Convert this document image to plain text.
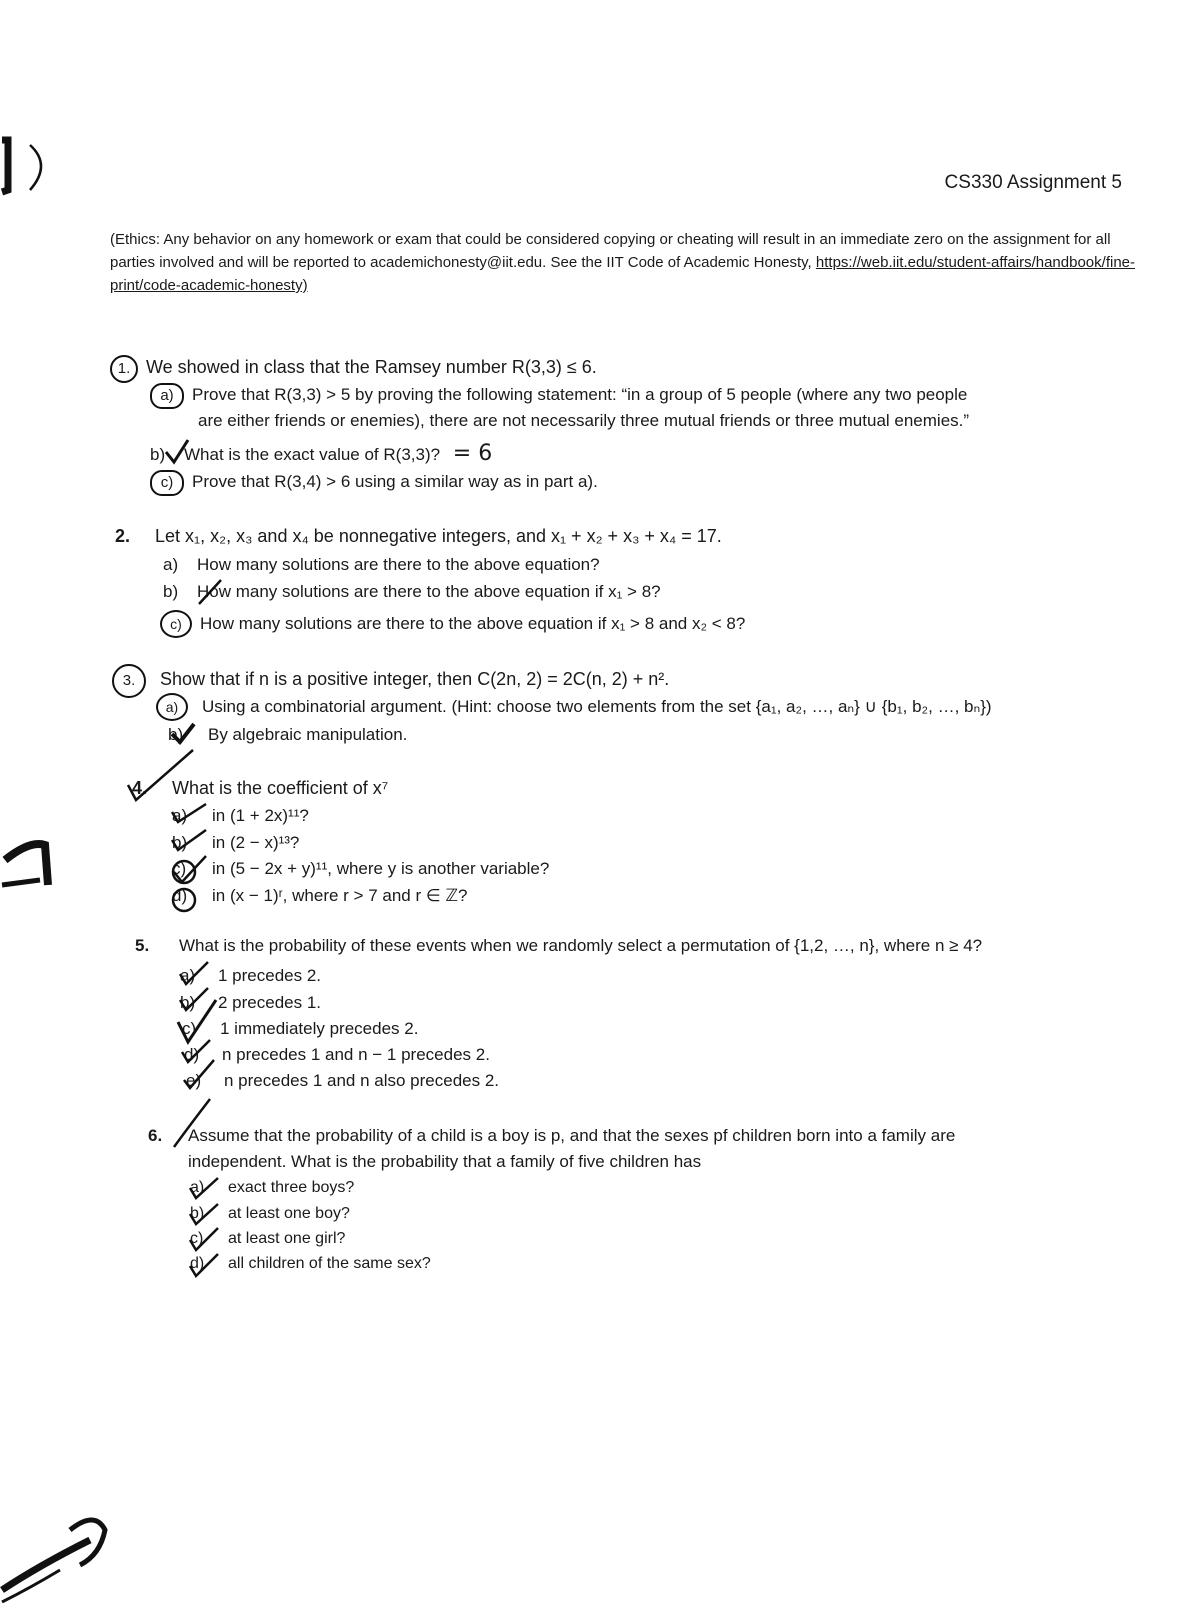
CS330 Assignment 5
(Ethics: Any behavior on any homework or exam that could be considered copying or cheating will result in an immediate zero on the assignment for all parties involved and will be reported to academichonesty@iit.edu. See the IIT Code of Academic Honesty, https://web.iit.edu/student-affairs/handbook/fine-print/code-academic-honesty)
1. We showed in class that the Ramsey number R(3,3) ≤ 6.
a) Prove that R(3,3) > 5 by proving the following statement: “in a group of 5 people (where any two people
are either friends or enemies), there are not necessarily three mutual friends or three mutual enemies.”
b) What is the exact value of R(3,3)? = 6
c) Prove that R(3,4) > 6 using a similar way as in part a).
2. Let x₁, x₂, x₃ and x₄ be nonnegative integers, and x₁ + x₂ + x₃ + x₄ = 17.
a) How many solutions are there to the above equation?
b) How many solutions are there to the above equation if x₁ > 8?
c) How many solutions are there to the above equation if x₁ > 8 and x₂ < 8?
3. Show that if n is a positive integer, then C(2n, 2) = 2C(n, 2) + n².
a) Using a combinatorial argument. (Hint: choose two elements from the set {a₁, a₂, …, aₙ} ∪ {b₁, b₂, …, bₙ})
b) By algebraic manipulation.
4. What is the coefficient of x⁷
a) in (1 + 2x)¹¹?
b) in (2 − x)¹³?
c) in (5 − 2x + y)¹¹, where y is another variable?
d) in (x − 1)ʳ, where r > 7 and r ∈ ℤ?
5. What is the probability of these events when we randomly select a permutation of {1,2, …, n}, where n ≥ 4?
a) 1 precedes 2.
b) 2 precedes 1.
c) 1 immediately precedes 2.
d) n precedes 1 and n − 1 precedes 2.
e) n precedes 1 and n also precedes 2.
6. Assume that the probability of a child is a boy is p, and that the sexes pf children born into a family are
independent. What is the probability that a family of five children has
a) exact three boys?
b) at least one boy?
c) at least one girl?
d) all children of the same sex?
